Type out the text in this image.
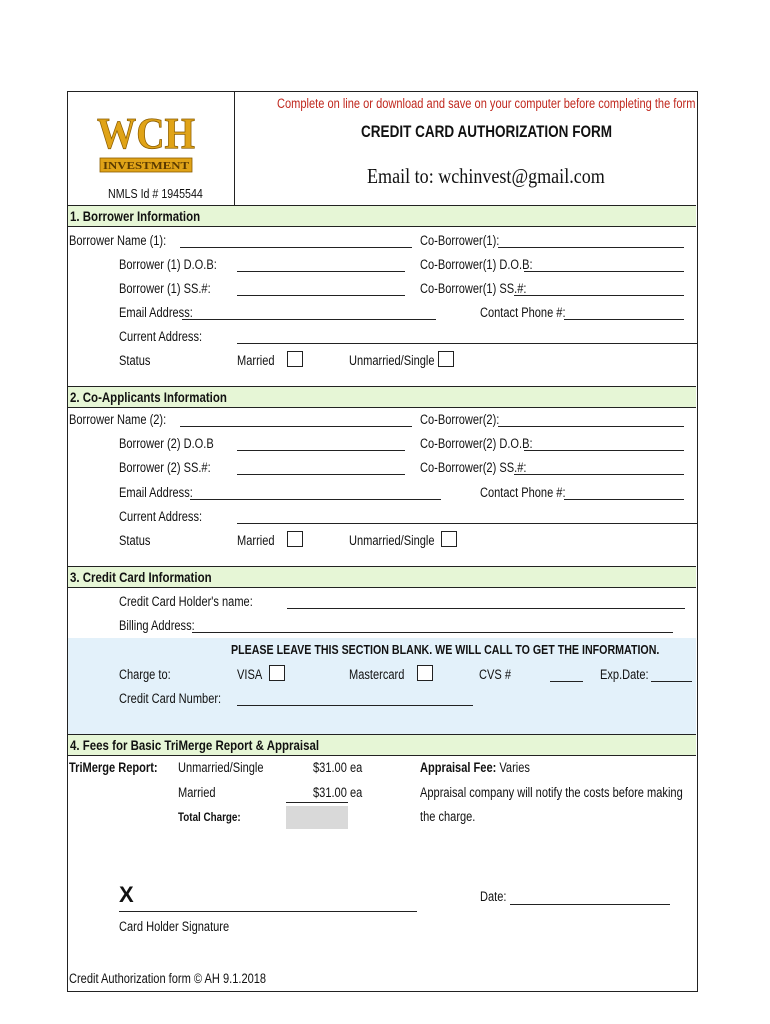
WCH
INVESTMENT
NMLS Id # 1945544
Complete on line or download and save on your computer before completing the form
CREDIT CARD AUTHORIZATION FORM
Email to: wchinvest@gmail.com
1. Borrower Information
Borrower Name (1):	Co-Borrower(1):
Borrower (1) D.O.B:	Co-Borrower(1) D.O.B:
Borrower (1) SS.#:	Co-Borrower(1) SS.#:
Email Address:	Contact Phone #:
Current Address:
Status	Married	Unmarried/Single
2. Co-Applicants Information
Borrower Name (2):	Co-Borrower(2):
Borrower (2) D.O.B	Co-Borrower(2) D.O.B:
Borrower (2) SS.#:	Co-Borrower(2) SS.#:
Email Address:	Contact Phone #:
Current Address:
Status	Married	Unmarried/Single
3. Credit Card Information
Credit Card Holder's name:
Billing Address:
PLEASE LEAVE THIS SECTION BLANK. WE WILL CALL TO GET THE INFORMATION.
Charge to:	VISA	Mastercard	CVS #	Exp.Date:
Credit Card Number:
4. Fees for Basic TriMerge Report & Appraisal
TriMerge Report: Unmarried/Single	$31.00 ea
Married	$31.00 ea
Total Charge:
Appraisal Fee: Varies
Appraisal company will notify the costs before making
the charge.
X
Card Holder Signature
Date:
Credit Authorization form © AH 9.1.2018
